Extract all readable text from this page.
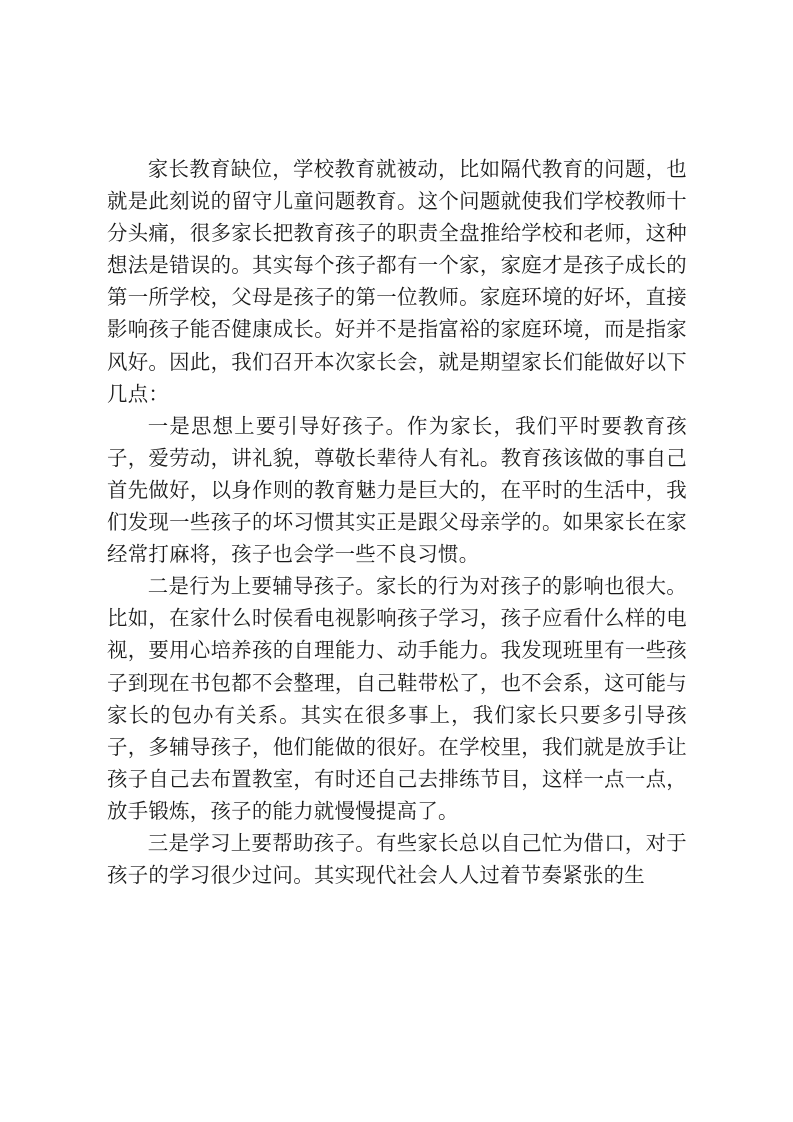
家长教育缺位，学校教育就被动，比如隔代教育的问题，也就是此刻说的留守儿童问题教育。这个问题就使我们学校教师十分头痛，很多家长把教育孩子的职责全盘推给学校和老师，这种想法是错误的。其实每个孩子都有一个家，家庭才是孩子成长的第一所学校，父母是孩子的第一位教师。家庭环境的好坏，直接影响孩子能否健康成长。好并不是指富裕的家庭环境，而是指家风好。因此，我们召开本次家长会，就是期望家长们能做好以下几点：

一是思想上要引导好孩子。作为家长，我们平时要教育孩子，爱劳动，讲礼貌，尊敬长辈待人有礼。教育孩该做的事自己首先做好，以身作则的教育魅力是巨大的，在平时的生活中，我们发现一些孩子的坏习惯其实正是跟父母亲学的。如果家长在家经常打麻将，孩子也会学一些不良习惯。

二是行为上要辅导孩子。家长的行为对孩子的影响也很大。比如，在家什么时侯看电视影响孩子学习，孩子应看什么样的电视，要用心培养孩的自理能力、动手能力。我发现班里有一些孩子到现在书包都不会整理，自己鞋带松了，也不会系，这可能与家长的包办有关系。其实在很多事上，我们家长只要多引导孩子，多辅导孩子，他们能做的很好。在学校里，我们就是放手让孩子自己去布置教室，有时还自己去排练节目，这样一点一点，放手锻炼，孩子的能力就慢慢提高了。

三是学习上要帮助孩子。有些家长总以自己忙为借口，对于孩子的学习很少过问。其实现代社会人人过着节奏紧张的生
